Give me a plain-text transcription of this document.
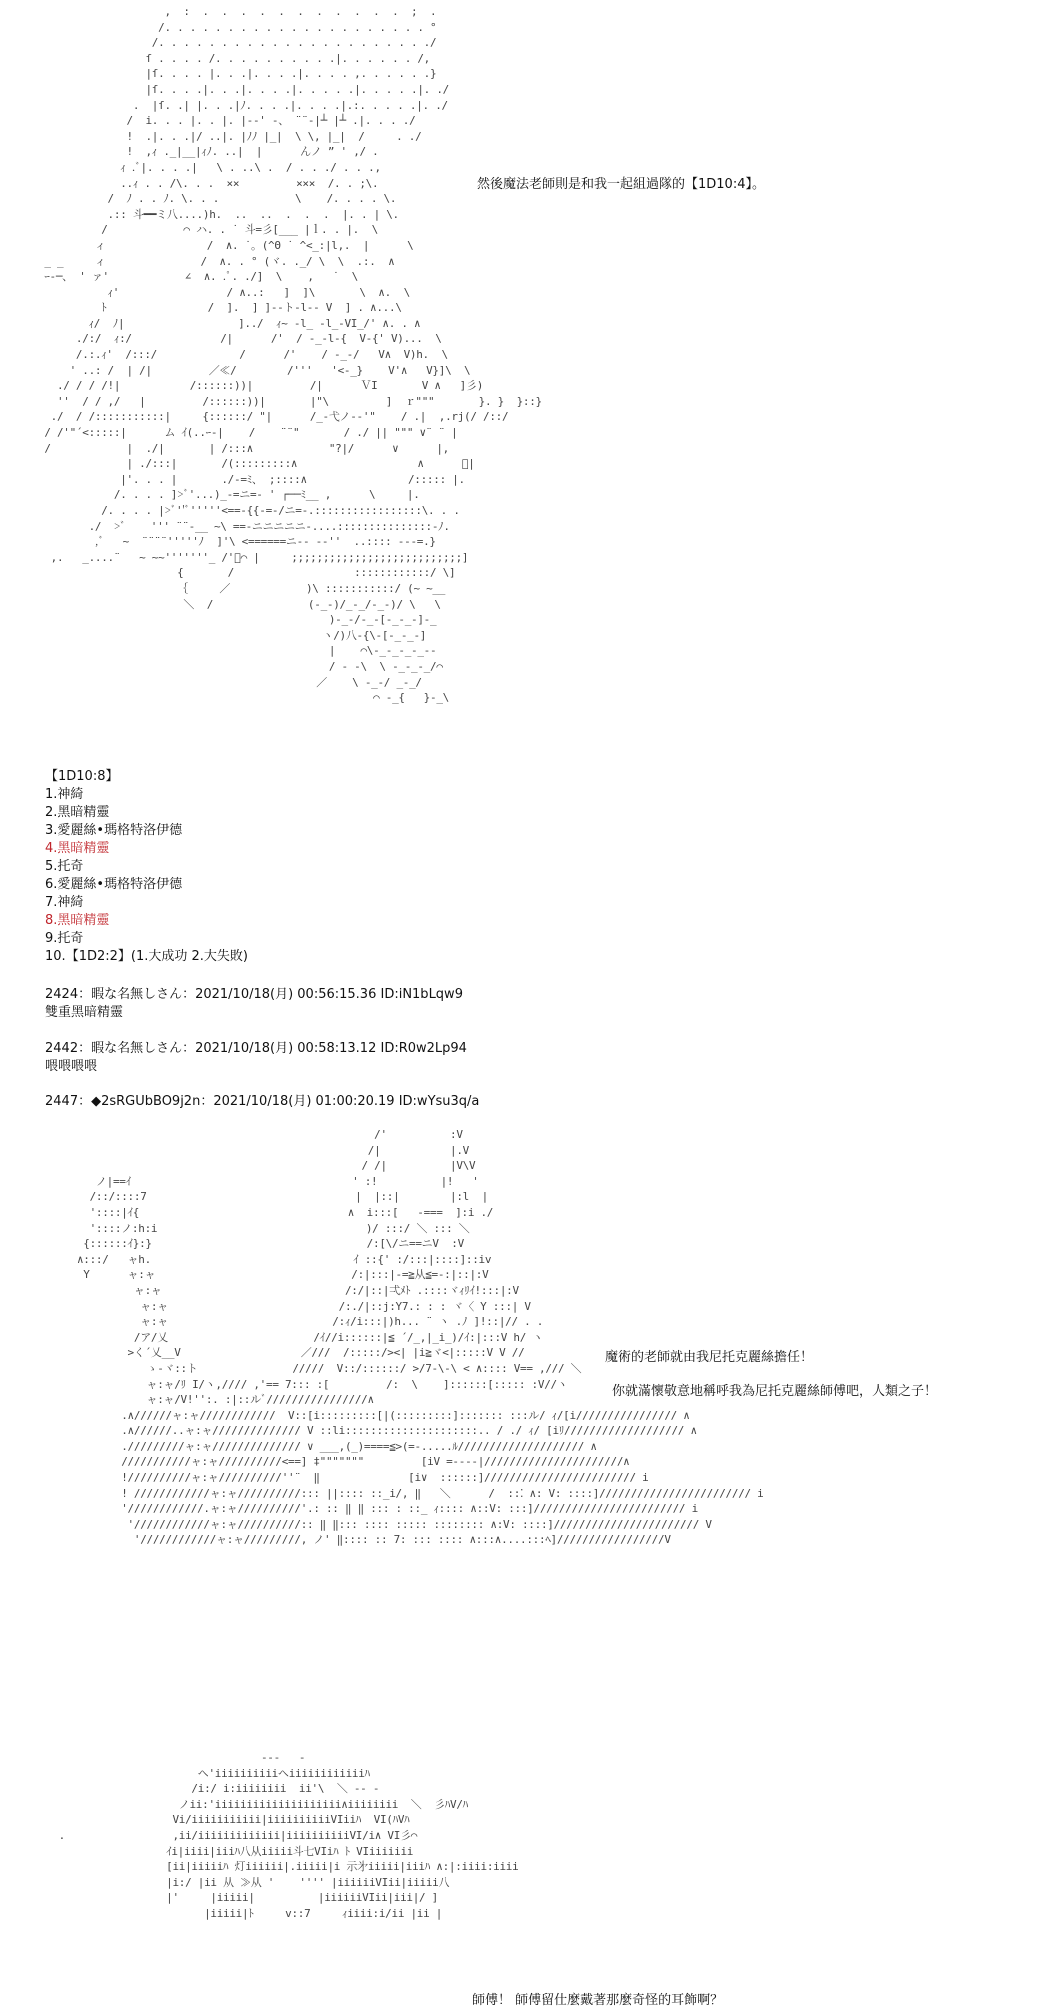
,  :  .  .  .  .  .  .  .  .  .  .  .  ;  .
/. . . . . . . . . . . . . . . . . . . . . °
/. . . . . . . . . . . . . . . . . . . . . ./
ſ . . . . /. . . . . . . . . .|. . . . . . /,
|ſ. . . . |. . .|. . . .|. . . . ,. . . . . .}
|ſ. . . .|. . .|. . . .|. . . . .|. . . . .|. ./
.  |ſ. .| |. . .|ﾉ. . . .|. . . .|.:. . . . .|. ./
/  i. . . |. . |. |-‐' ‐、 ¨¨‐|┴ |┴ .|. . . ./
!  .|. . .|/ ..|. |ﾉﾉ |_|  \ \, |_|  /     . ./
!  ,ｨ ._|__|ｨﾉ. ..|  |      んノ ” ' ,/ .
ｨ .ﾞ|. . . .|   \ . ..\ .  / . . ./ . . .,
..ｨ . . /\. . .  ××         ×××  /. . ;\.
/  ﾉ . . ﾉ. \. . .            \    /. . . . \.
.:: 斗━━ミ八....)h.  ..  ..  .  .  .  |. . | \.
/            ⌒ ハ. . ˙ 斗=彡[___ |ｌ. . |.  \
ィ                /  ∧. ˙。(^Θ ˙ ^<_:|l,.  |      \
_ _     ィ               /  ∧. . ° (ヾ. ._/ \  \  .:.  ∧
ｰ‐─、 ' ァ'            ∠  ∧. .ﾟ. ./]  \    ,   ˙  \
ｨ'                 / ∧..:   ]  ]\       \  ∧.  \
ﾄ                /  ].  ] ]--ト-l-- V  ] . ∧...\
ｨ/  ﾉ|                  ]../  ｨ~ -l_ -l_-VI_/' ∧. . ∧
./:/  ｨ:/              /|      /'  / -_-l-{  V-{' V)...  \
/.:.ｨ'  /:::/             /      /'    / -_-/   V∧  V)h.  \
' ..: /  | /|         ／≪/        /'''   '<-_}    V'∧   V}]\  \
./ / / /!|           /::::::))|         /|      ＶI       V ∧   ]彡)
''  / / ,/   |         /::::::))|       |"\         ]  ｒ"""       }. }  }::}
./  / /:::::::::::|     {::::::/ "|      /_-弋ノ-‐'"    / .|  ,.rj(/ /::/
/ /'"´<:::::|      ム ｲ(..ｰ-|    /    ¨¨"       / ./ || """ ∨¨ ¨ |
/            |  ./|       | /:::∧            "?|/      ∨      |,
| ./:::|       /(:::::::::∧                   ∧      ﾞ|
|'. . . |       ./-=ﾐ、 ;::::∧                /::::: |.
/. . . . ]>ﾞ'...)_-=ニ=‐ ' ┌──ﾐ__ ,      \     |.
/. . . . |>ﾞ''ﾞ'''''<==-{{-=-/ニ=-.:::::::::::::::::\. . .
./  >ﾞ    ''' ¨¨‐__ ~\ ==-ニニニニニ-....:::::::::::::::-ﾉ.
,ﾞ   ~  ¨¨¨¨'''''ﾉ  ]'\ <======ニ-‐ --''  ..:::: ---=.}
,.   _....¨   ~ ~~'''''''_ /'ﾞ⌒ |     ;;;;;;;;;;;;;;;;;;;;;;;;;;;]
{       /                   ::::::::::::/ \]
｛     ／            )\ :::::::::::/ (~ ~__
＼  /               (-_-)/_-_/-_-)/ \   \
)-_-/-_-[-_-_-]-_
ヽ/)八-{\-[-_-_-]
|    ⌒\-_-_-_-_-‐
/ ‐ -\  \ -_-_-_/⌒
／    \ -_-/ _-_/
⌒ ‐_{   }-_\

然後魔法老師則是和我一起組過隊的【1D10:4】。
【1D10:8】
1.神綺
2.黑暗精靈
3.愛麗絲•瑪格特洛伊德
4.黑暗精靈
5.托奇
6.愛麗絲•瑪格特洛伊德
7.神綺
8.黑暗精靈
9.托奇
10.【1D2:2】(1.大成功 2.大失敗)
2424：暇な名無しさん：2021/10/18(月) 00:56:15.36 ID:iN1bLqw9
雙重黑暗精靈
2442：暇な名無しさん：2021/10/18(月) 00:58:13.12 ID:R0w2Lp94
喂喂喂喂
2447：◆2sRGUbBO9j2n：2021/10/18(月) 01:00:20.19 ID:wYsu3q/a
/'          :V
/|           |.V
/ /|          |V\V
ノ|==ｲ                                   ' :!          |!   '
/::/::::7                                 |  |::|        |:l  |
'::::|ｲ{                                 ∧  i:::[   -===  ]:i ./
'::::ノ:h:i                                 )/ :::/ ＼ ::: ＼
{::::::ｲ}:}                                  /:[\/ニ==ニV  :V
∧:::/   ャh.                                ｲ ::{' :/:::|::::]::iv
Y      ャ:ャ                               /:|:::|-=≧从≦=-:|::|:V
ャ:ャ                             /:/|::|弌ﾒﾄ .::::ヾｨﾘｲ!:::|:V
ャ:ャ                           /:./|::j:Y7.: : : ヾ〈 Y :::| V
ャ:ャ                          /:ｨ/i:::|)h... ¨ ヽ .ﾉ ]!::|// . .
/ア/乂                       /ｲ//i::::::|≦ ´/_,|_i_)/ｲ:|:::V h/ ヽ
>く´乂__V                   ／///  /:::::/><| |i≧ヾ<|:::::V V //
ゝ‐ヾ::ト               /////  V::/::::::/ >/7-\‐\ < ∧:::: V== ,/// ＼
ャ:ャ/ﾘ I/ヽ,//// ,'== 7::: :[         /:  \    ]::::::[::::: :V//ヽ
ャ:ャ/V!'':. :|::ルﾞ////////////////∧
.∧//////ャ:ャ////////////  V::[i:::::::::[|(:::::::::]::::::: :::ル/ ｨ/[i//////////////// ∧
.∧//////..ャ:ャ////////////// V ::li:::::::::::::::::::::.. / ./ ｨ/ [iﾘ/////////////////// ∧
./////////ャ:ャ////////////// ∨ ___,(_)====≦>(=-.....ﾙ//////////////////// ∧
///////////ャ:ャ//////////<==] ‡"""""""         [iV =---‐|//////////////////////∧
!//////////ャ:ャ//////////''¨  ‖              [i∨  ::::::]//////////////////////// i
! ////////////ャ:ャ//////////::: ||:::: ::_i/, ‖   ＼      /  ::⁚ ∧: V: ::::]//////////////////////// i
'////////////.ャ:ャ//////////'.: :: ‖ ‖ ::: : ::_ ｨ:::: ∧::V: :::]//////////////////////// i
'////////////ャ:ャ//////////:: ‖ ‖::: :::: ::::: :::::::: ∧:V: ::::]/////////////////////// V
'////////////ャ:ャ/////////, ノ' ‖:::: :: 7: ::: :::: ∧:::∧....:::ﾍ]/////////////////V

魔術的老師就由我尼托克麗絲擔任！
你就滿懷敬意地稱呼我為尼托克麗絲師傅吧，人類之子！
‐‐‐   ‐
ヘ'iiiiiiiiiiヘiiiiiiiiiiiiﾊ
/i:/ i:iiiiiiii  ii'\  ＼ ‐‐ ‐
ノii:'iiiiiiiiiiiiiiiiiiii∧iiiiiiii  ＼  彡ﾊV/ﾊ
Vi/iiiiiiiiiii|iiiiiiiiiiVIiiﾊ  VI(ﾊVﾊ
.                 ,ii/iiiiiiiiiiiii|iiiiiiiiiiVI/i∧ VI彡⌒
ｲi|iiii|iiiﾊ八从iiiii斗七VIiﾊ ﾄ VIiiiiiii
[ii|iiiiiﾊ 灯iiiiii|.iiiii|i 示㐧iiiii|iiiﾊ ∧:|:iiii:iiii
|i:/ |ii 从 ≫从 '    '''' |iiiiiiVIii|iiiii八
|'     |iiiii|          |iiiiiiVIii|iii|/ ]
|iiiii|ﾄ     v::7     ｨiiii:i/ii |ii |

師傅！ 師傅留仕麼戴著那麼奇怪的耳飾啊？
